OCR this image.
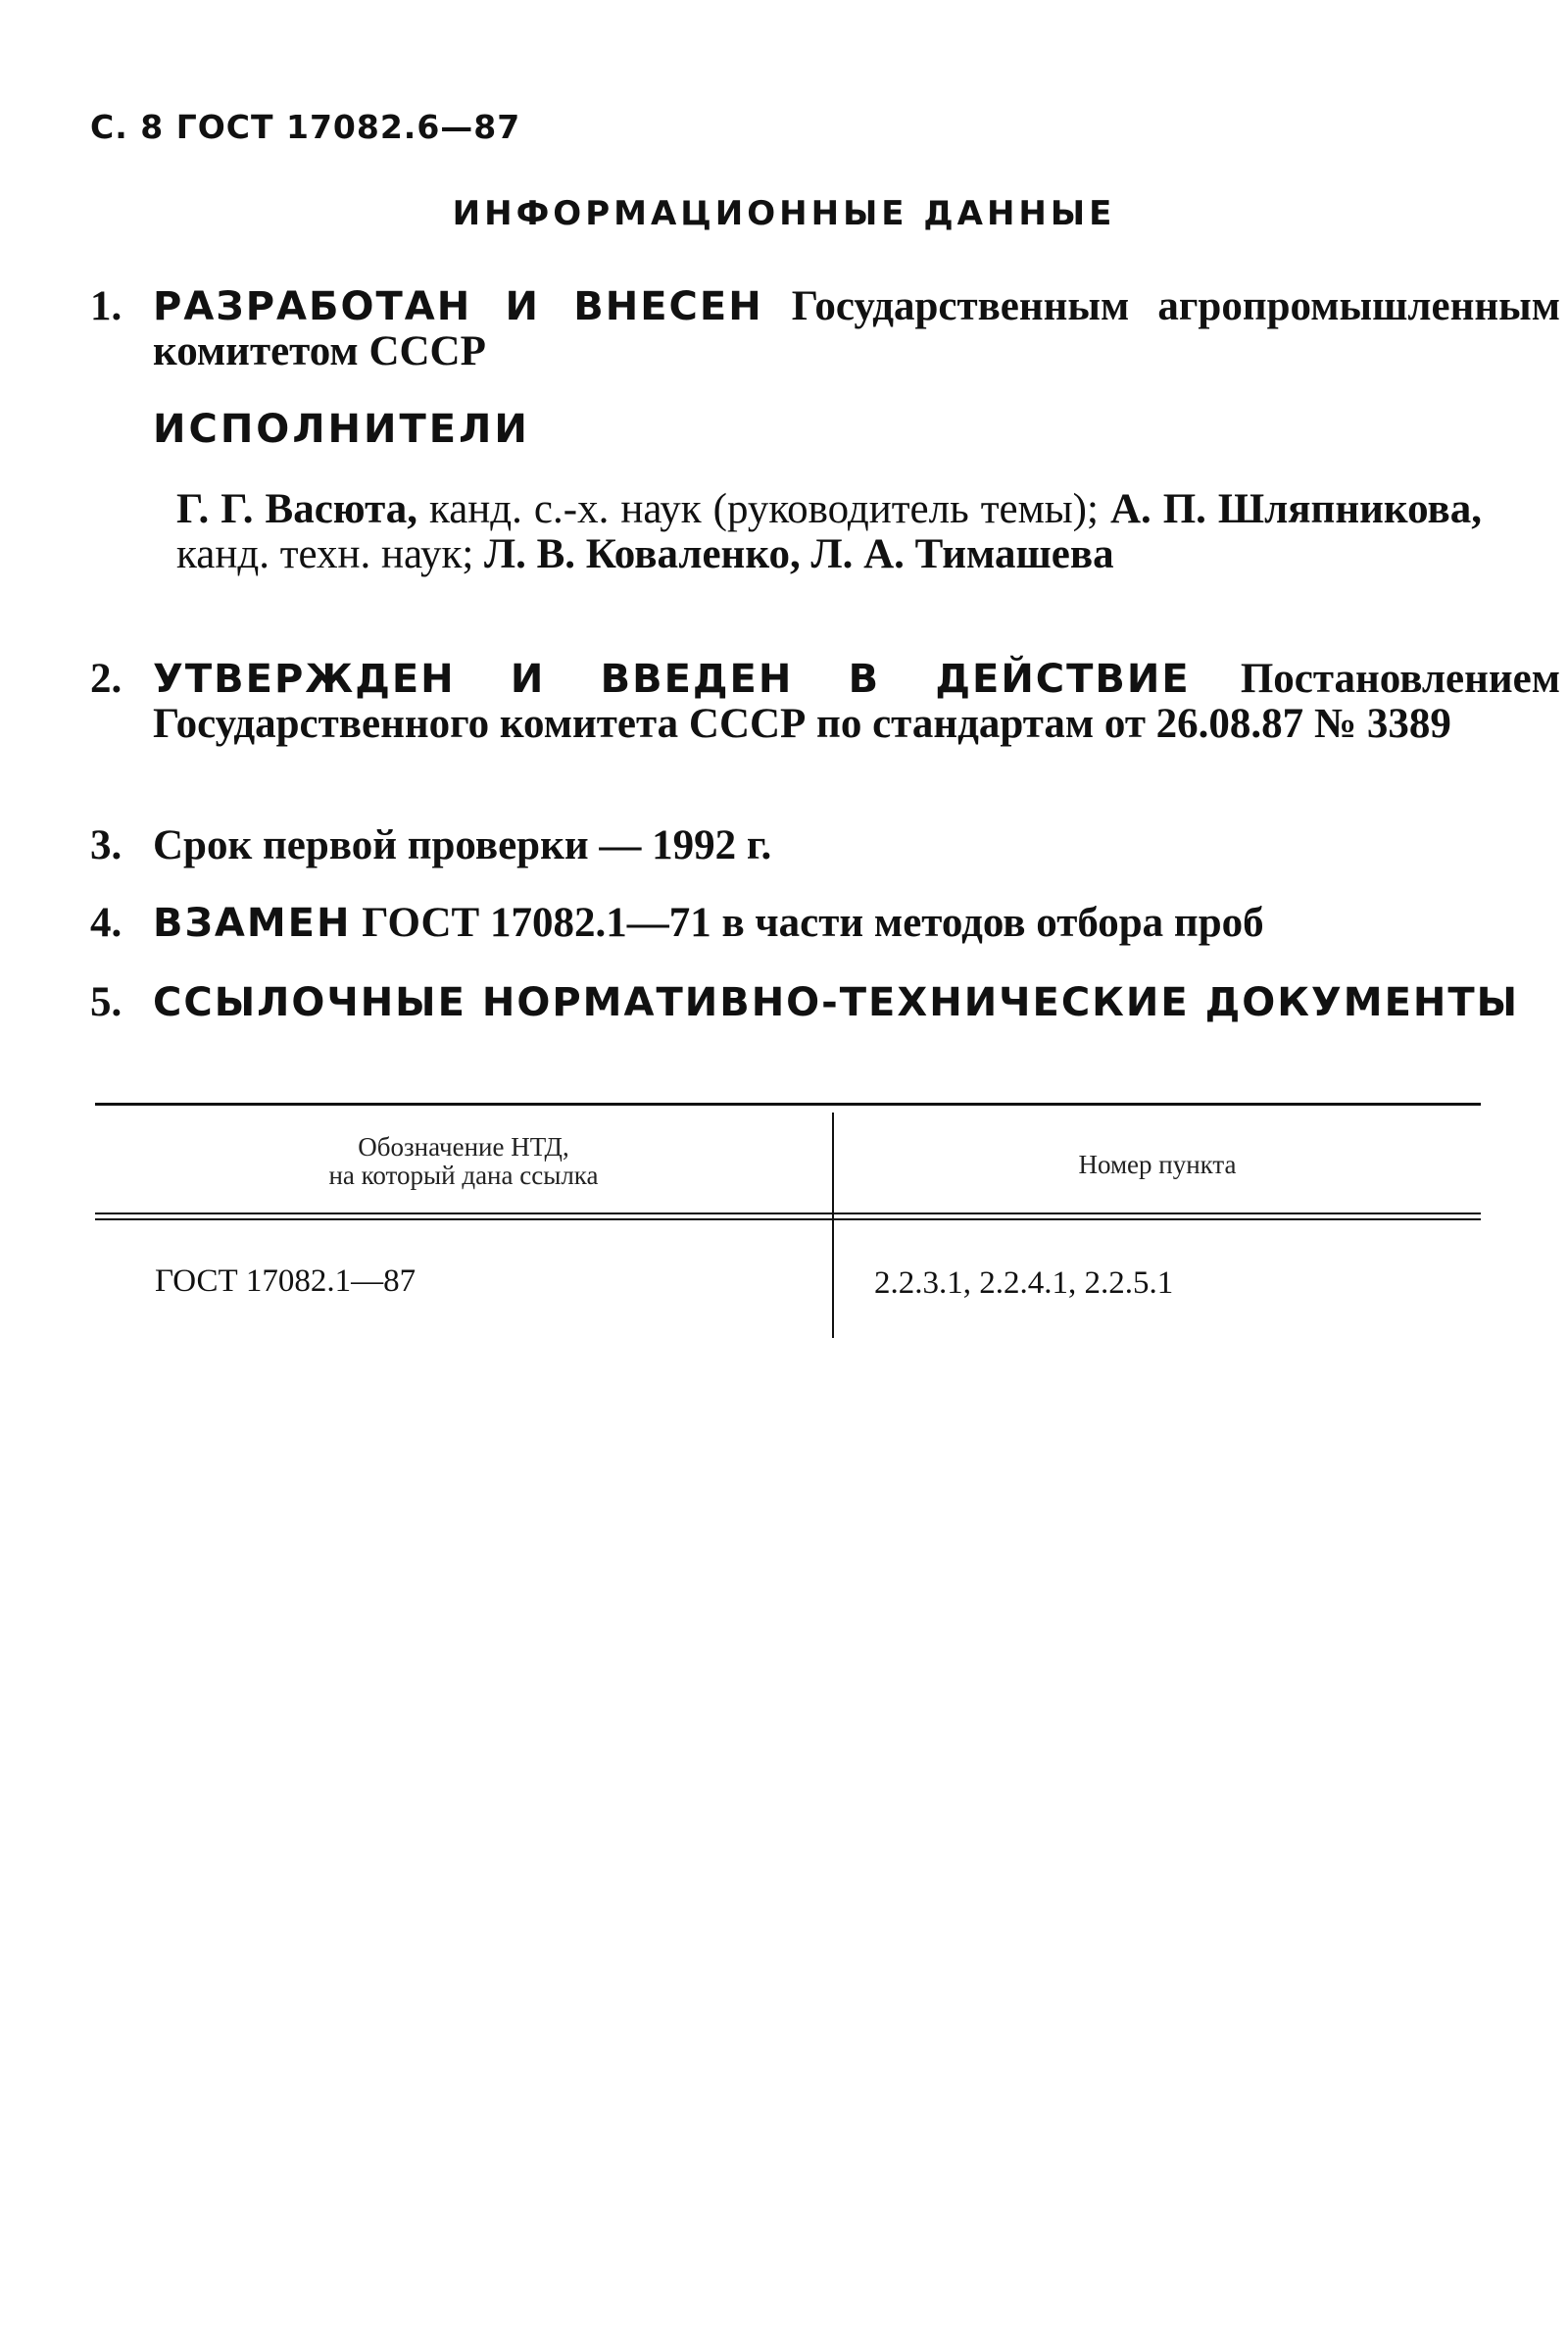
С. 8 ГОСТ 17082.6—87
ИНФОРМАЦИОННЫЕ ДАННЫЕ
1. РАЗРАБОТАН И ВНЕСЕН Государственным агропромышленным комитетом СССР
ИСПОЛНИТЕЛИ
Г. Г. Васюта, канд. с.-х. наук (руководитель темы); А. П. Шляпникова, канд. техн. наук; Л. В. Коваленко, Л. А. Тимашева
2. УТВЕРЖДЕН И ВВЕДЕН В ДЕЙСТВИЕ Постановлением Государственного комитета СССР по стандартам от 26.08.87 № 3389
3. Срок первой проверки — 1992 г.
4. ВЗАМЕН ГОСТ 17082.1—71 в части методов отбора проб
5. ССЫЛОЧНЫЕ НОРМАТИВНО-ТЕХНИЧЕСКИЕ ДОКУМЕНТЫ
Обозначение НТД,
на который дана ссылка	Номер пункта
ГОСТ 17082.1—87	2.2.3.1, 2.2.4.1, 2.2.5.1
